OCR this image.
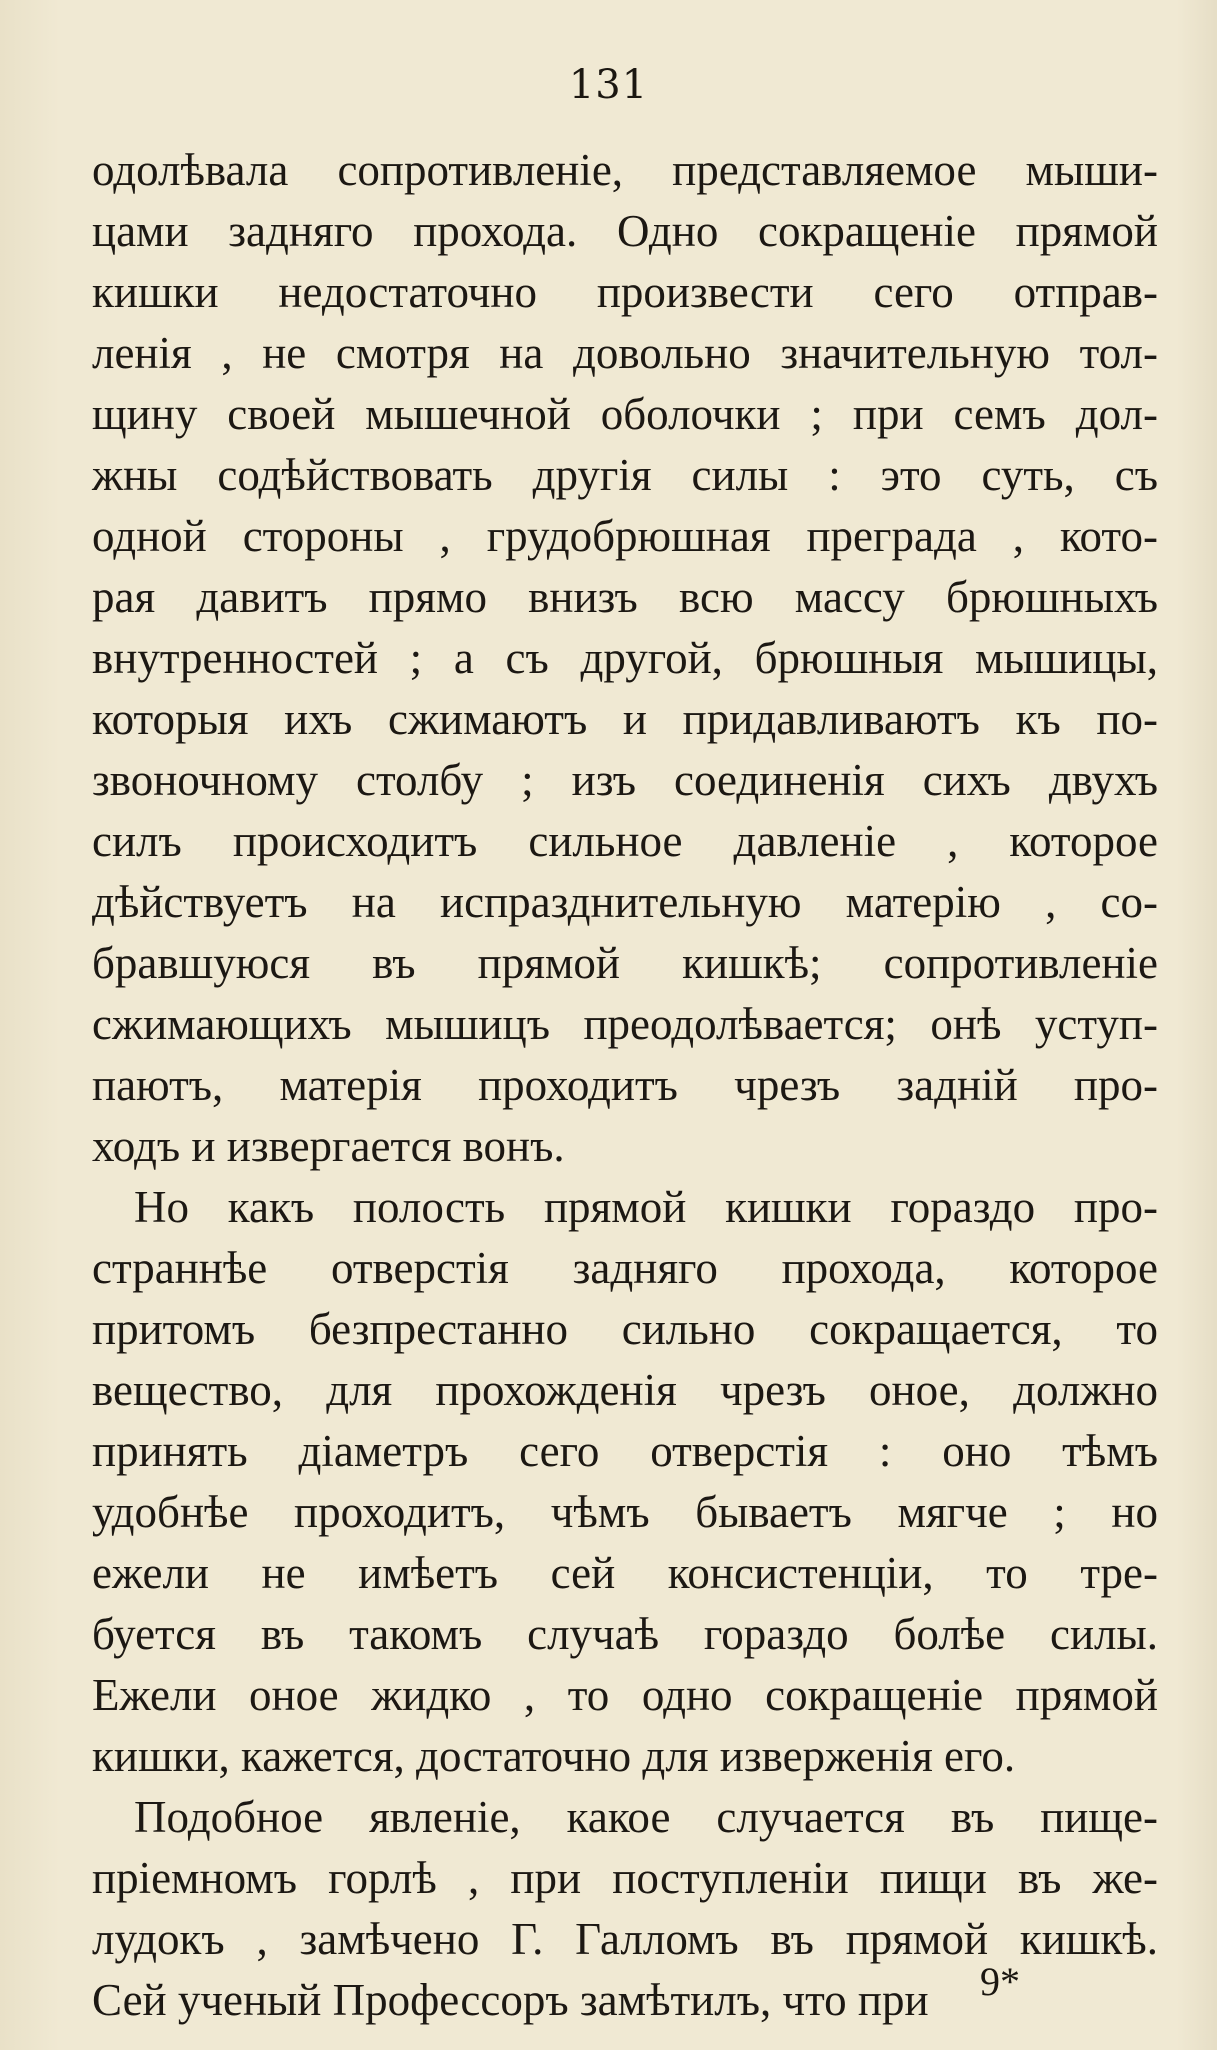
131
одолѣвала сопротивленіе, представляемое мыши-
цами задняго прохода. Одно сокращеніе прямой
кишки недостаточно произвести сего отправ-
ленія , не смотря на довольно значительную тол-
щину своей мышечной оболочки ; при семъ дол-
жны содѣйствовать другія силы : это суть, съ
одной стороны , грудобрюшная преграда , кото-
рая давитъ прямо внизъ всю массу брюшныхъ
внутренностей ; а съ другой, брюшныя мышицы,
которыя ихъ сжимаютъ и придавливаютъ къ по-
звоночному столбу ; изъ соединенія сихъ двухъ
силъ происходитъ сильное давленіе , которое
дѣйствуетъ на испразднительную матерію , со-
бравшуюся въ прямой кишкѣ; сопротивленіе
сжимающихъ мышицъ преодолѣвается; онѣ уступ-
паютъ, матерія проходитъ чрезъ задній про-
ходъ и извергается вонъ.
Но какъ полость прямой кишки гораздо про-
страннѣе отверстія задняго прохода, которое
притомъ безпрестанно сильно сокращается, то
вещество, для прохожденія чрезъ оное, должно
принять діаметръ сего отверстія : оно тѣмъ
удобнѣе проходитъ, чѣмъ бываетъ мягче ; но
ежели не имѣетъ сей консистенціи, то тре-
буется въ такомъ случаѣ гораздо болѣе силы.
Ежели оное жидко , то одно сокращеніе прямой
кишки, кажется, достаточно для изверженія его.
Подобное явленіе, какое случается въ пище-
пріемномъ горлѣ , при поступленіи пищи въ же-
лудокъ , замѣчено Г. Галломъ въ прямой кишкѣ.
Сей ученый Профессоръ замѣтилъ, что при	9*
